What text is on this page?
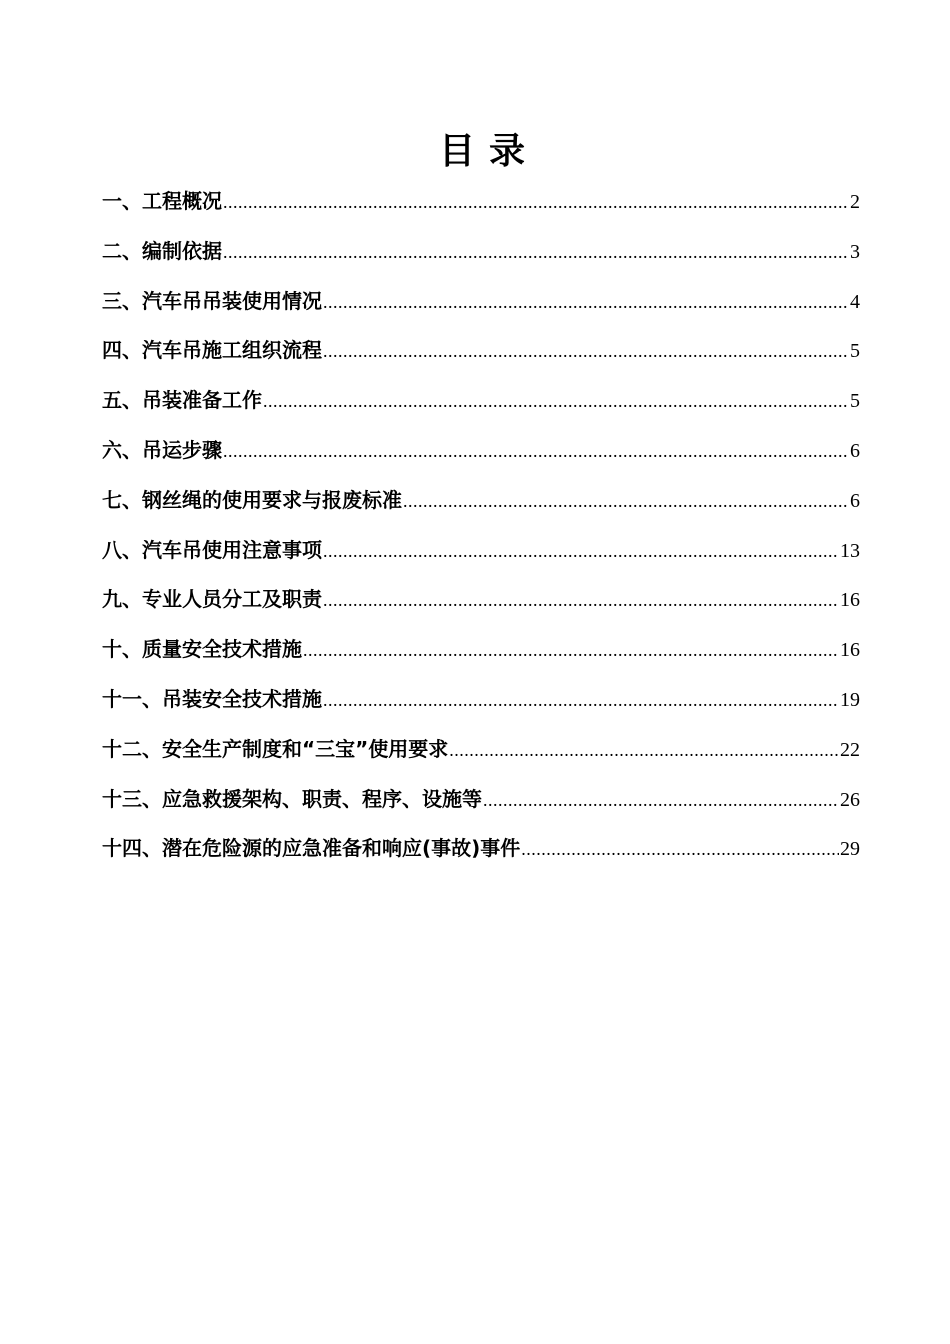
目录
一、工程概况 .....	2
二、编制依据 .....	3
三、汽车吊吊装使用情况 .....	4
四、汽车吊施工组织流程 .....	5
五、吊装准备工作 .....	5
六、吊运步骤 .....	6
七、钢丝绳的使用要求与报废标准 .....	6
八、汽车吊使用注意事项 .....	13
九、专业人员分工及职责 .....	16
十、质量安全技术措施 .....	16
十一、吊装安全技术措施 .....	19
十二、安全生产制度和“三宝”使用要求 .....	22
十三、应急救援架构、职责、程序、设施等 .....	26
十四、潜在危险源的应急准备和响应(事故)事件 .....	29
